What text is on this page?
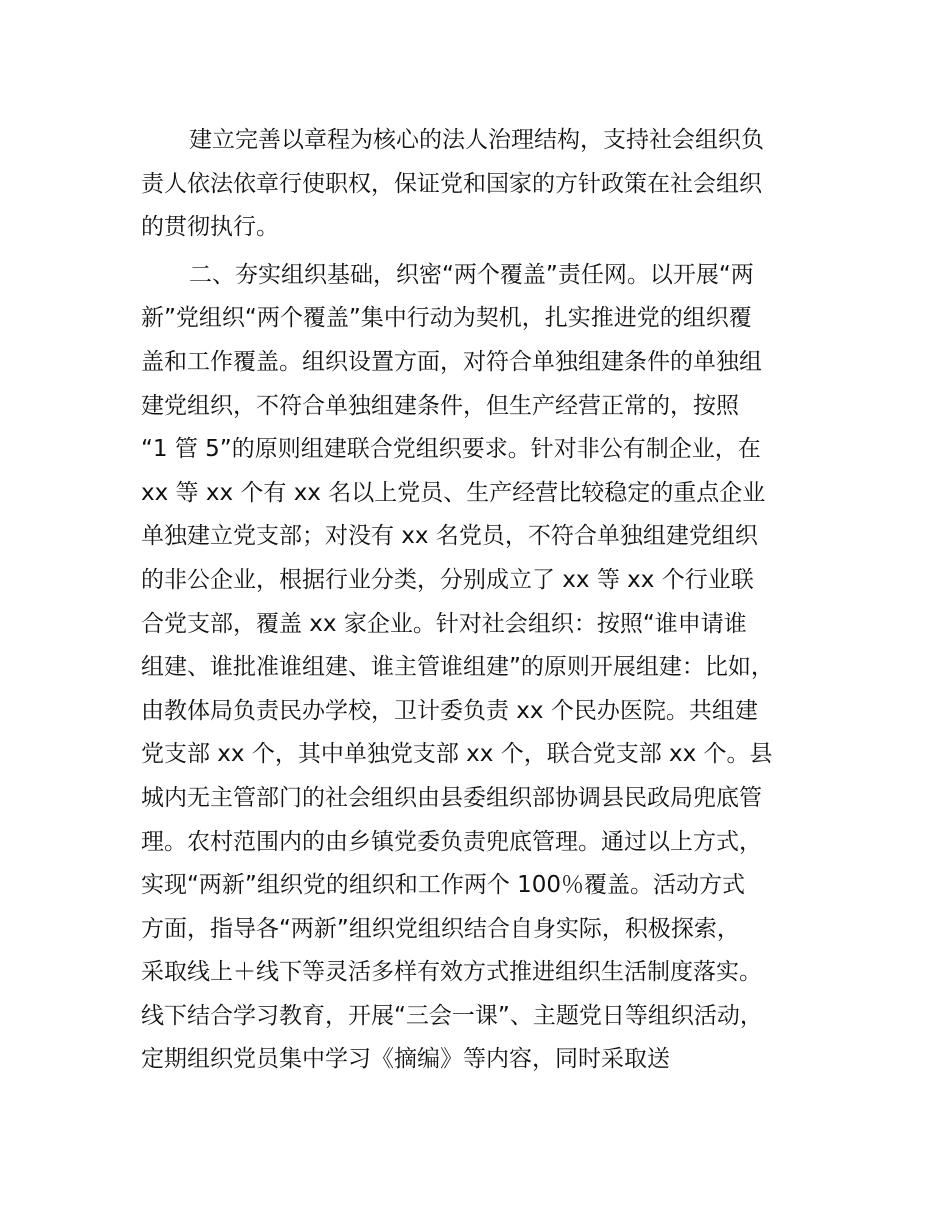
建立完善以章程为核心的法人治理结构，支持社会组织负
责人依法依章行使职权，保证党和国家的方针政策在社会组织
的贯彻执行。
二、夯实组织基础，织密“两个覆盖”责任网。以开展“两
新”党组织“两个覆盖”集中行动为契机，扎实推进党的组织覆
盖和工作覆盖。组织设置方面，对符合单独组建条件的单独组
建党组织，不符合单独组建条件，但生产经营正常的，按照
“1 管 5”的原则组建联合党组织要求。针对非公有制企业，在
xx 等 xx 个有 xx 名以上党员、生产经营比较稳定的重点企业
单独建立党支部；对没有 xx 名党员，不符合单独组建党组织
的非公企业，根据行业分类，分别成立了 xx 等 xx 个行业联
合党支部，覆盖 xx 家企业。针对社会组织：按照“谁申请谁
组建、谁批准谁组建、谁主管谁组建”的原则开展组建：比如，
由教体局负责民办学校，卫计委负责 xx 个民办医院。共组建
党支部 xx 个，其中单独党支部 xx 个，联合党支部 xx 个。县
城内无主管部门的社会组织由县委组织部协调县民政局兜底管
理。农村范围内的由乡镇党委负责兜底管理。通过以上方式，
实现“两新”组织党的组织和工作两个 100％覆盖。活动方式
方面，指导各“两新”组织党组织结合自身实际，积极探索，
采取线上＋线下等灵活多样有效方式推进组织生活制度落实。
线下结合学习教育，开展“三会一课”、主题党日等组织活动，
定期组织党员集中学习《摘编》等内容，同时采取送
